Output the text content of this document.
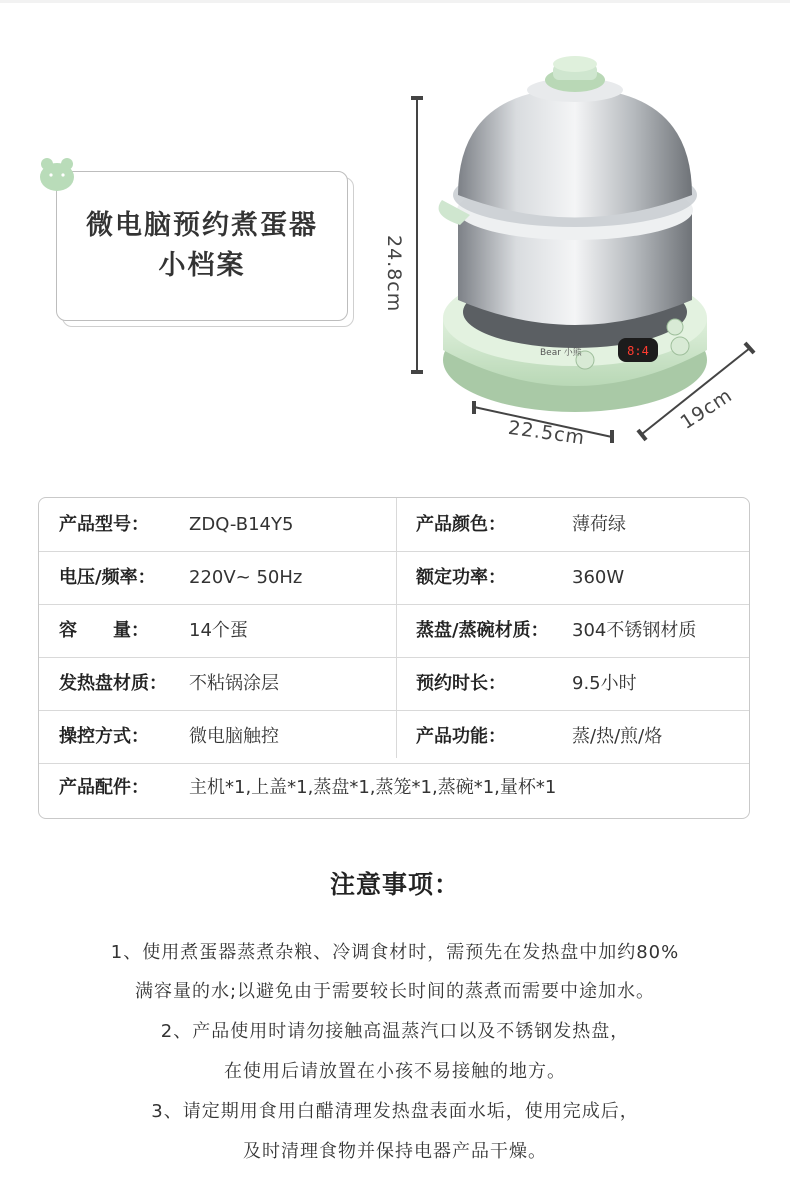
微电脑预约煮蛋器
小档案
8:4
Bear 小熊
24.8cm
22.5cm	19cm
产品型号： ZDQ-B14Y5	产品颜色：	薄荷绿
电压/频率： 220V~ 50Hz	额定功率：	360W
容　　量： 14个蛋	蒸盘/蒸碗材质： 304不锈钢材质
发热盘材质： 不粘锅涂层	预约时长：	9.5小时
操控方式： 微电脑触控	产品功能：	蒸/热/煎/烙
产品配件： 主机*1,上盖*1,蒸盘*1,蒸笼*1,蒸碗*1,量杯*1
注意事项：
1、使用煮蛋器蒸煮杂粮、冷调食材时，需预先在发热盘中加约80%
满容量的水;以避免由于需要较长时间的蒸煮而需要中途加水。
2、产品使用时请勿接触高温蒸汽口以及不锈钢发热盘，
在使用后请放置在小孩不易接触的地方。
3、请定期用食用白醋清理发热盘表面水垢，使用完成后，
及时清理食物并保持电器产品干燥。
